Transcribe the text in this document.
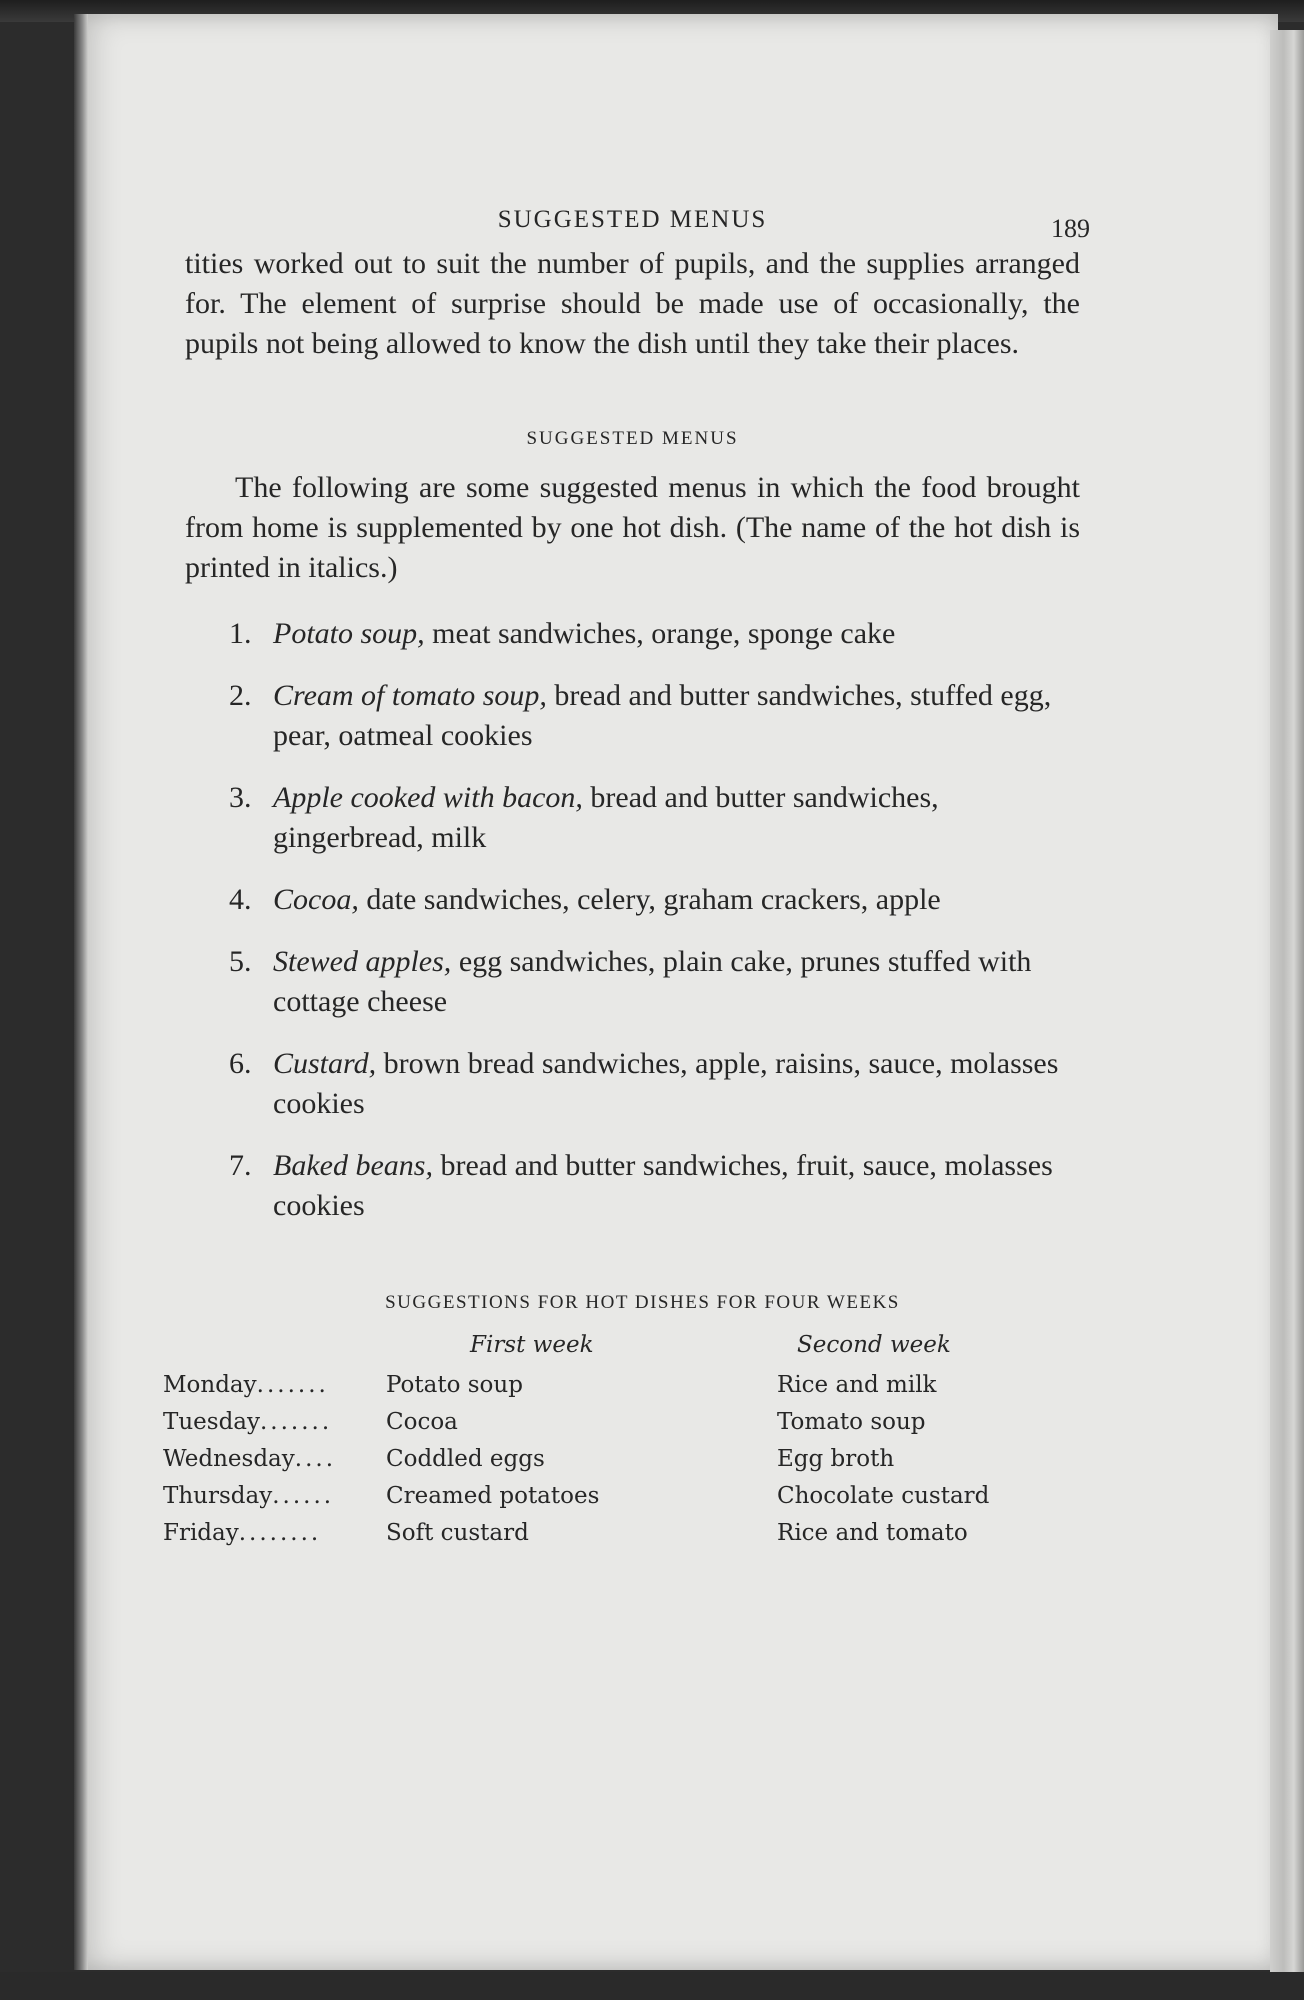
SUGGESTED MENUS	189

tities worked out to suit the number of pupils, and the supplies arranged for. The element of surprise should be made use of occasionally, the pupils not being allowed to know the dish until they take their places.

SUGGESTED MENUS

The following are some suggested menus in which the food brought from home is supplemented by one hot dish. (The name of the hot dish is printed in italics.)

1. Potato soup, meat sandwiches, orange, sponge cake
2. Cream of tomato soup, bread and butter sandwiches, stuffed egg, pear, oatmeal cookies
3. Apple cooked with bacon, bread and butter sandwiches, gingerbread, milk
4. Cocoa, date sandwiches, celery, graham crackers, apple
5. Stewed apples, egg sandwiches, plain cake, prunes stuffed with cottage cheese
6. Custard, brown bread sandwiches, apple, raisins, sauce, molasses cookies
7. Baked beans, bread and butter sandwiches, fruit, sauce, molasses cookies
SUGGESTIONS FOR HOT DISHES FOR FOUR WEEKS
First week	Second week
Monday....... Potato soup	Rice and milk
Tuesday....... Cocoa	Tomato soup
Wednesday.... Coddled eggs	Egg broth
Thursday...... Creamed potatoes	Chocolate custard
Friday........	Soft custard	Rice and tomato
